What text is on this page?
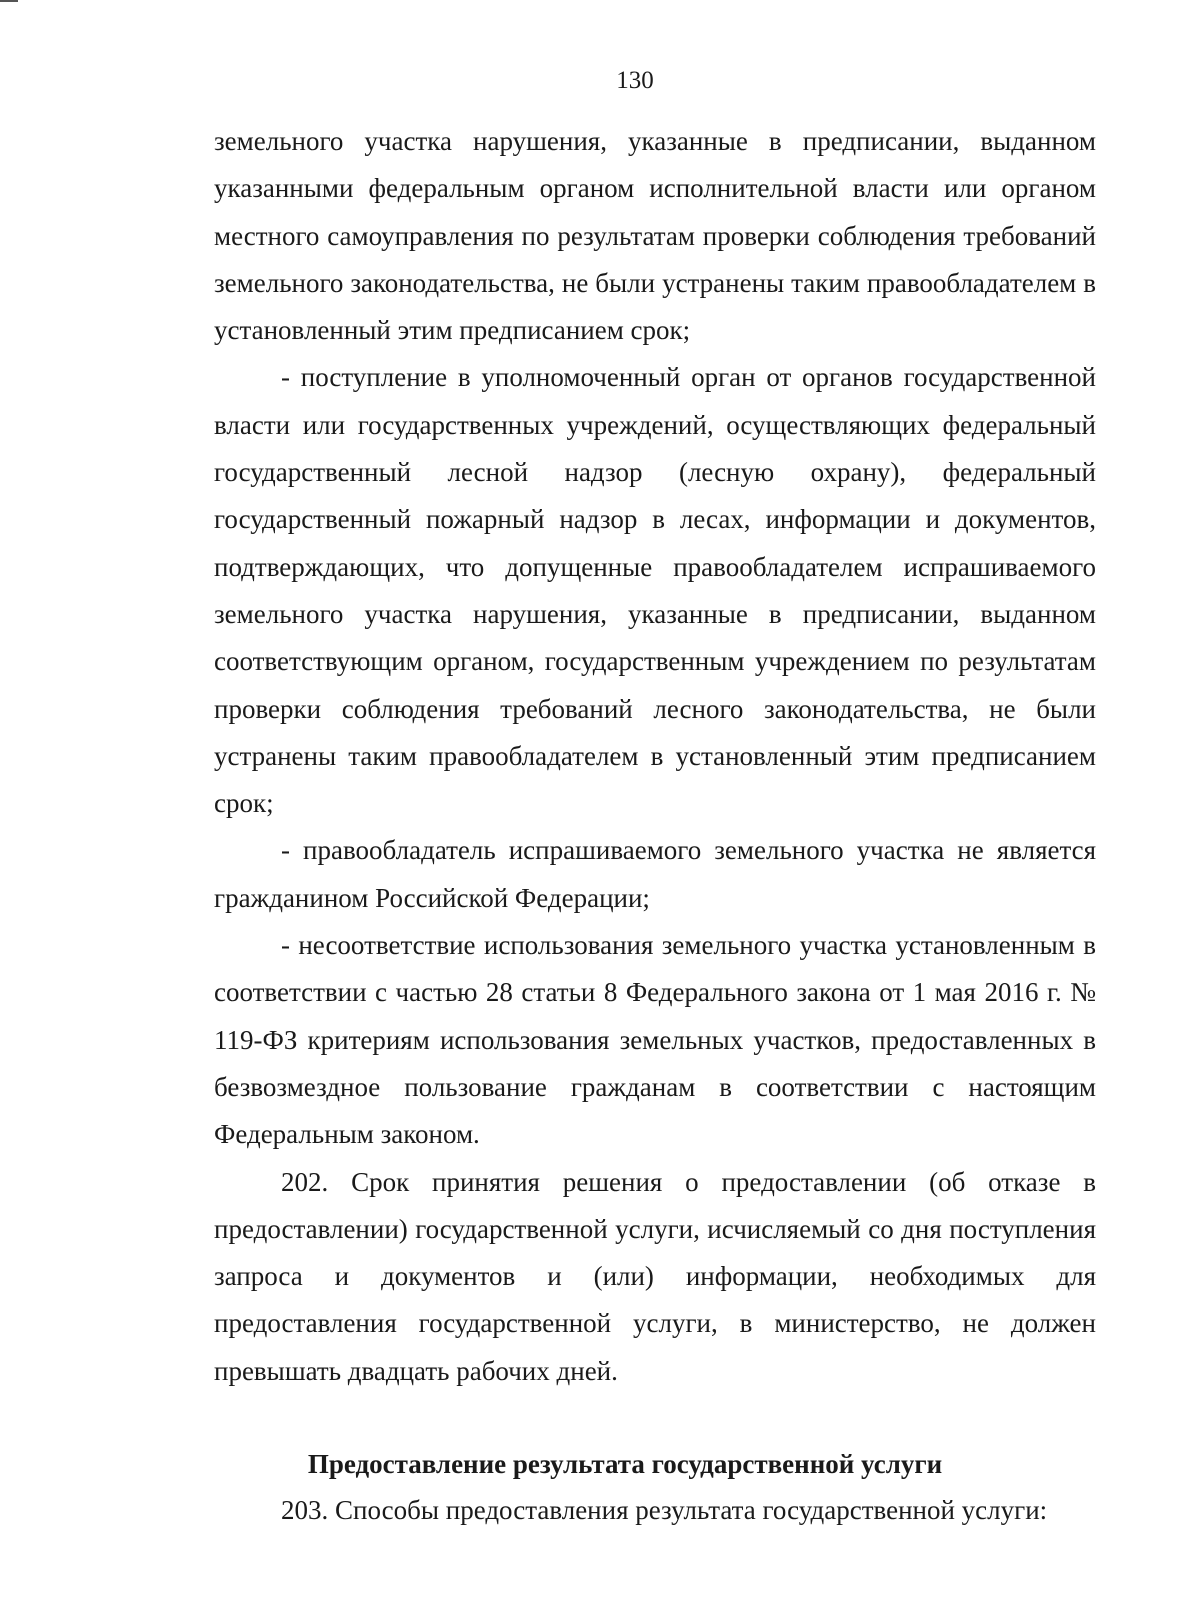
130

земельного участка нарушения, указанные в предписании, выданном указанными федеральным органом исполнительной власти или органом местного самоуправления по результатам проверки соблюдения требований земельного законодательства, не были устранены таким правообладателем в установленный этим предписанием срок;

- поступление в уполномоченный орган от органов государственной власти или государственных учреждений, осуществляющих федеральный государственный лесной надзор (лесную охрану), федеральный государственный пожарный надзор в лесах, информации и документов, подтверждающих, что допущенные правообладателем испрашиваемого земельного участка нарушения, указанные в предписании, выданном соответствующим органом, государственным учреждением по результатам проверки соблюдения требований лесного законодательства, не были устранены таким правообладателем в установленный этим предписанием срок;

- правообладатель испрашиваемого земельного участка не является гражданином Российской Федерации;

- несоответствие использования земельного участка установленным в соответствии с частью 28 статьи 8 Федерального закона от 1 мая 2016 г. № 119-ФЗ критериям использования земельных участков, предоставленных в безвозмездное пользование гражданам в соответствии с настоящим Федеральным законом.

202. Срок принятия решения о предоставлении (об отказе в предоставлении) государственной услуги, исчисляемый со дня поступления запроса и документов и (или) информации, необходимых для предоставления государственной услуги, в министерство, не должен превышать двадцать рабочих дней.

Предоставление результата государственной услуги
203. Способы предоставления результата государственной услуги:
